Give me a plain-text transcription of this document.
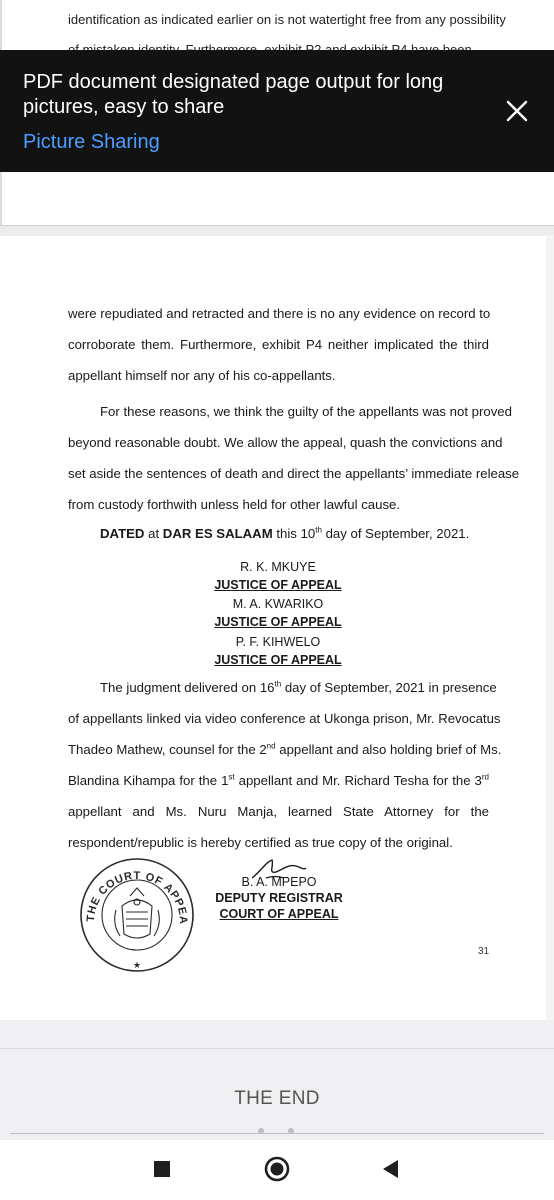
identification as indicated earlier on is not watertight free from any possibility
PDF document designated page output for long pictures, easy to share
Picture Sharing
were repudiated and retracted and there is no any evidence on record to
corroborate them. Furthermore, exhibit P4 neither implicated the third
appellant himself nor any of his co-appellants.
For these reasons, we think the guilty of the appellants was not proved
beyond reasonable doubt. We allow the appeal, quash the convictions and
set aside the sentences of death and direct the appellants’ immediate release
from custody forthwith unless held for other lawful cause.
DATED at DAR ES SALAAM this 10th day of September, 2021.
R. K. MKUYE
JUSTICE OF APPEAL
M. A. KWARIKO
JUSTICE OF APPEAL
P. F. KIHWELO
JUSTICE OF APPEAL
The judgment delivered on 16th day of September, 2021 in presence
of appellants linked via video conference at Ukonga prison, Mr. Revocatus
Thadeo Mathew, counsel for the 2nd appellant and also holding brief of Ms.
Blandina Kihampa for the 1st appellant and Mr. Richard Tesha for the 3rd
appellant and Ms. Nuru Manja, learned State Attorney for the
respondent/republic is hereby certified as true copy of the original.
THE COURT OF APPEA
★
B. A. MPEPO
DEPUTY REGISTRAR
COURT OF APPEAL
31
THE END
